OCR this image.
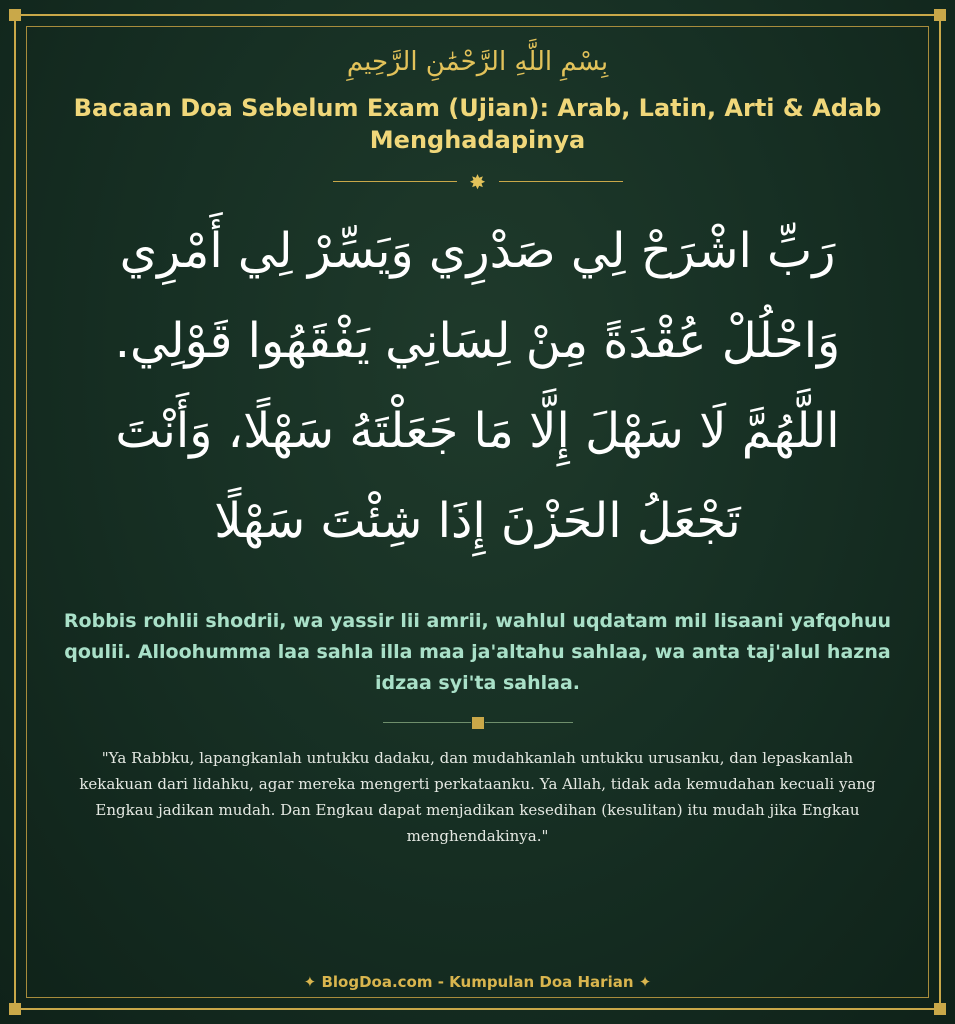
بِسْمِ اللَّهِ الرَّحْمَٰنِ الرَّحِيمِ

Bacaan Doa Sebelum Exam (Ujian): Arab, Latin, Arti & Adab Menghadapinya
✸

رَبِّ اشْرَحْ لِي صَدْرِي وَيَسِّرْ لِي أَمْرِي وَاحْلُلْ عُقْدَةً مِنْ لِسَانِي يَفْقَهُوا قَوْلِي. اللَّهُمَّ لَا سَهْلَ إِلَّا مَا جَعَلْتَهُ سَهْلًا، وَأَنْتَ تَجْعَلُ الحَزْنَ إِذَا شِئْتَ سَهْلًا

Robbis rohlii shodrii, wa yassir lii amrii, wahlul uqdatam mil lisaani yafqohuu qoulii. Alloohumma laa sahla illa maa ja'altahu sahlaa, wa anta taj'alul hazna idzaa syi'ta sahlaa.

"Ya Rabbku, lapangkanlah untukku dadaku, dan mudahkanlah untukku urusanku, dan lepaskanlah kekakuan dari lidahku, agar mereka mengerti perkataanku. Ya Allah, tidak ada kemudahan kecuali yang Engkau jadikan mudah. Dan Engkau dapat menjadikan kesedihan (kesulitan) itu mudah jika Engkau menghendakinya."

✦ BlogDoa.com - Kumpulan Doa Harian ✦
